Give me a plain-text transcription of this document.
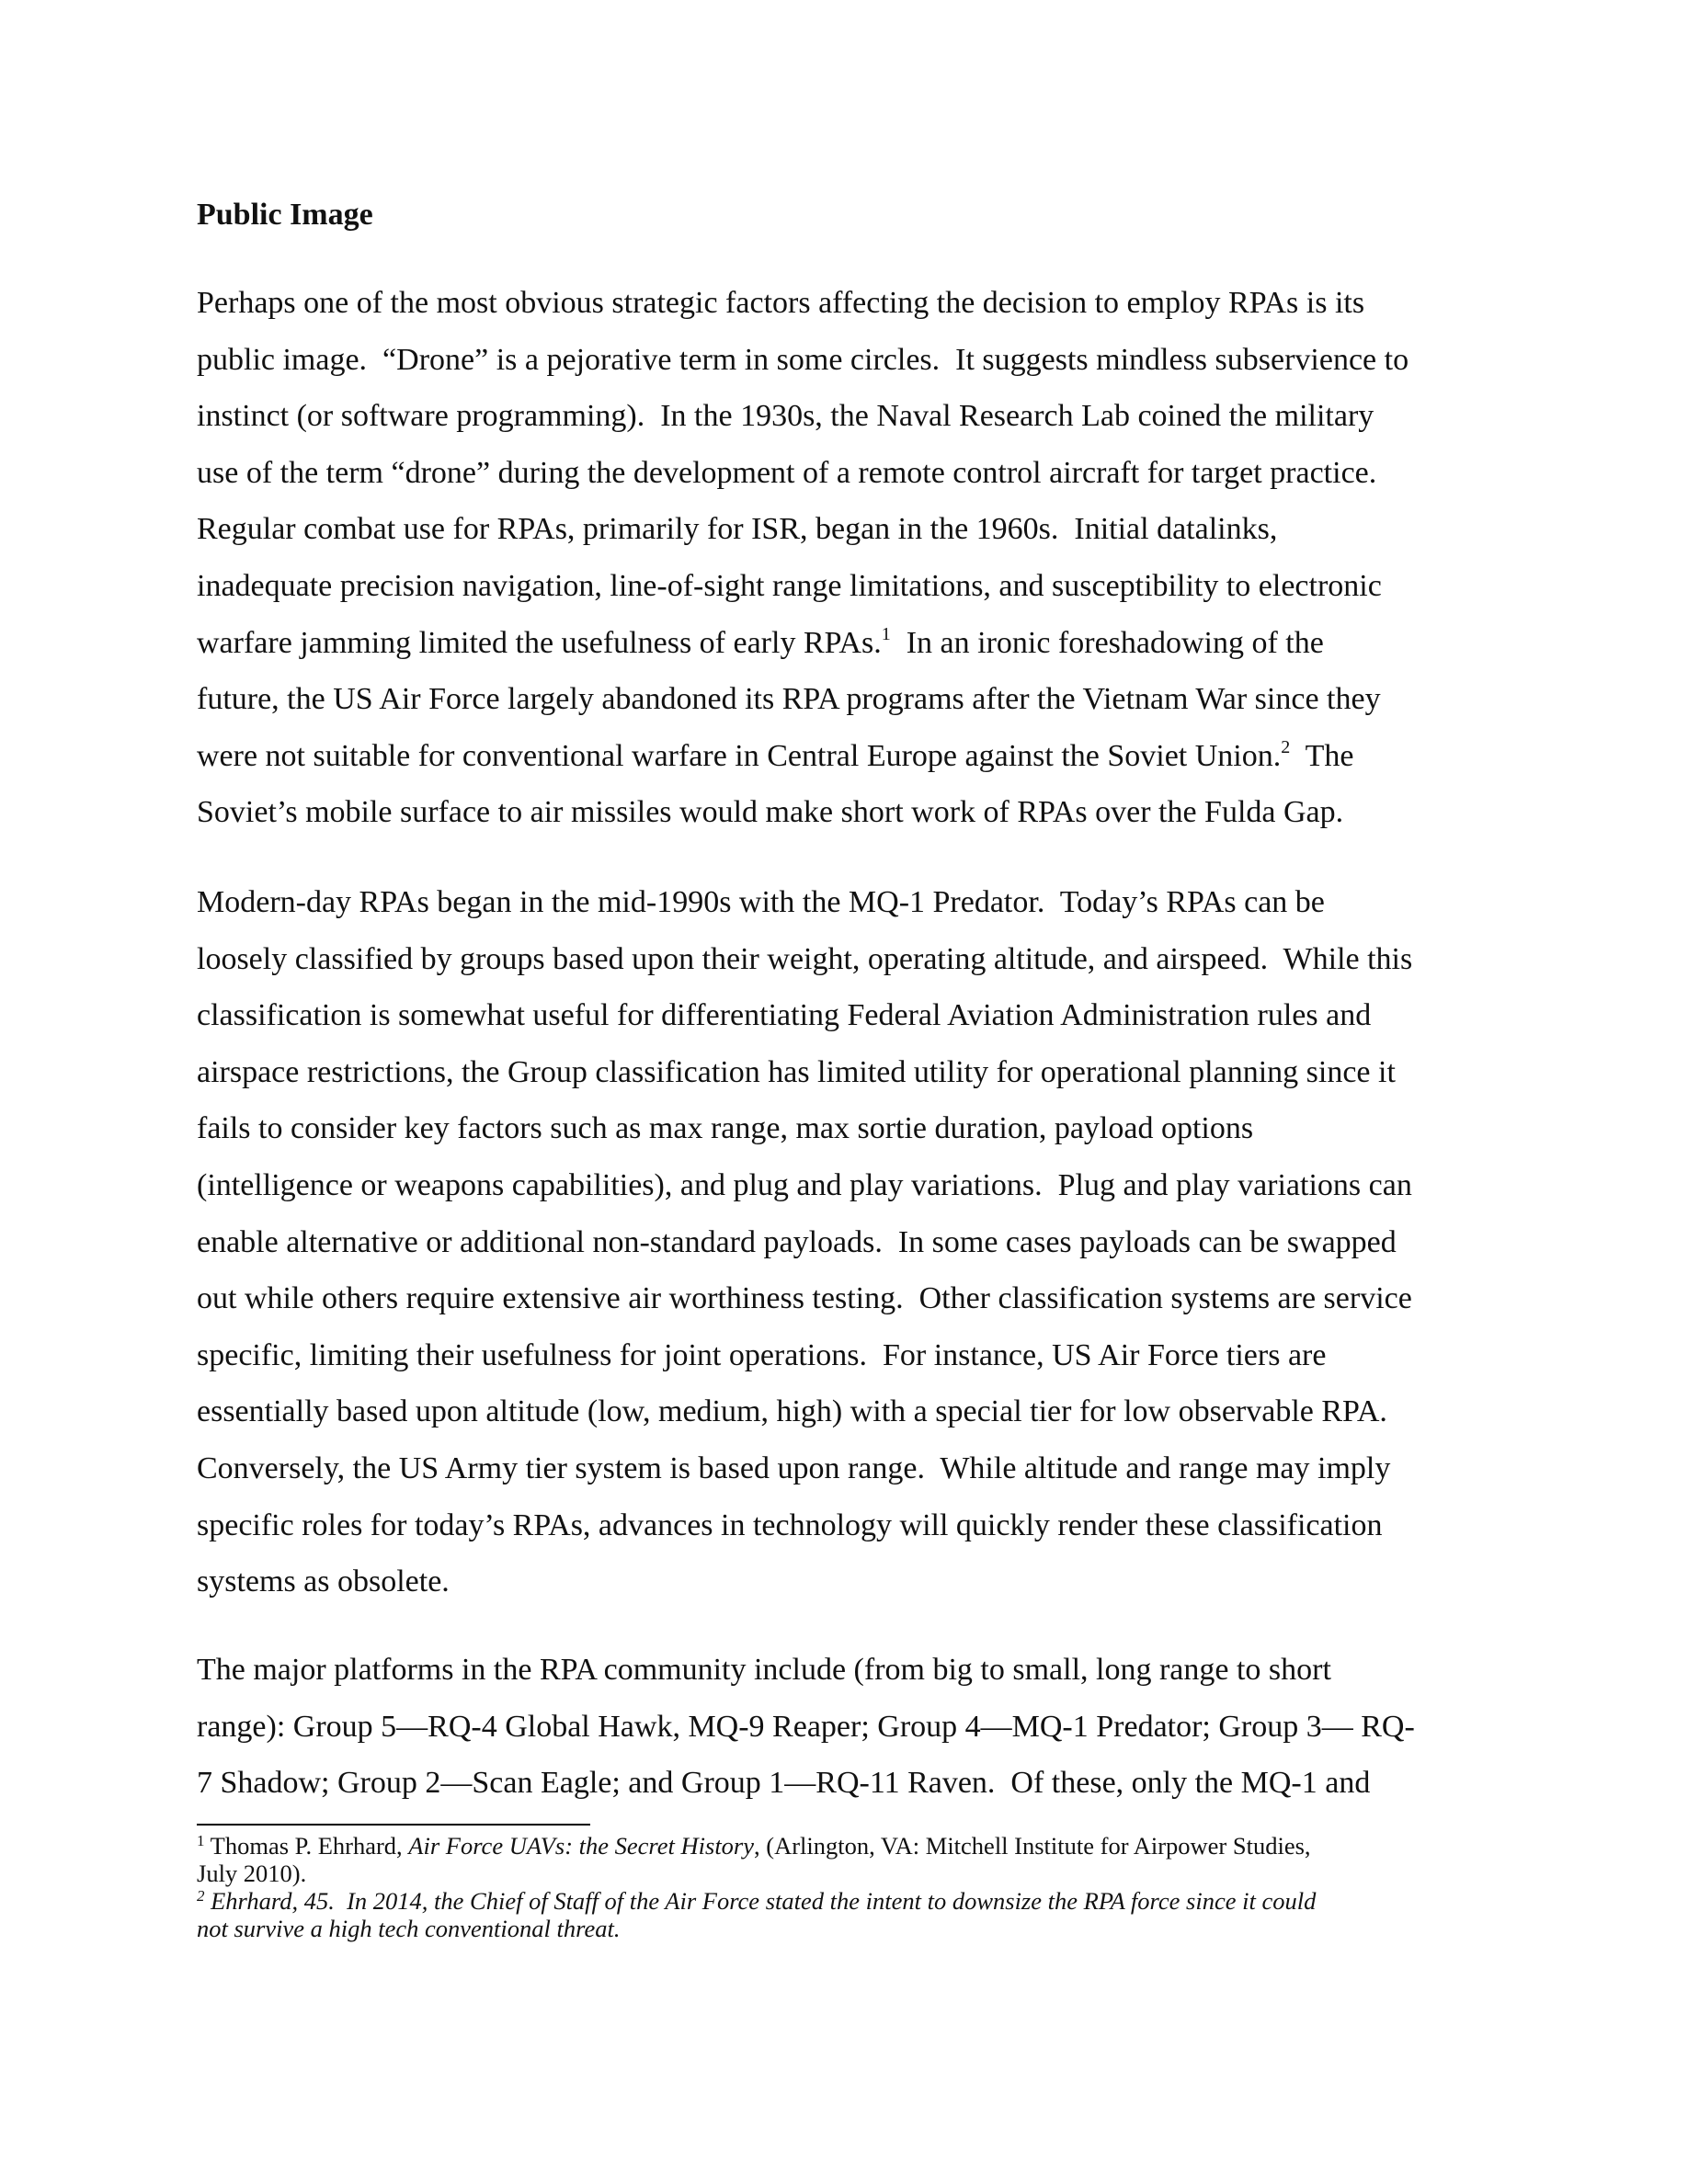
Public Image
Perhaps one of the most obvious strategic factors affecting the decision to employ RPAs is its
public image.  “Drone” is a pejorative term in some circles.  It suggests mindless subservience to
instinct (or software programming).  In the 1930s, the Naval Research Lab coined the military
use of the term “drone” during the development of a remote control aircraft for target practice.
Regular combat use for RPAs, primarily for ISR, began in the 1960s.  Initial datalinks,
inadequate precision navigation, line-of-sight range limitations, and susceptibility to electronic
warfare jamming limited the usefulness of early RPAs.$^1$  In an ironic foreshadowing of the
future, the US Air Force largely abandoned its RPA programs after the Vietnam War since they
were not suitable for conventional warfare in Central Europe against the Soviet Union.$^2$  The
Soviet’s mobile surface to air missiles would make short work of RPAs over the Fulda Gap.
Modern-day RPAs began in the mid-1990s with the MQ-1 Predator.  Today’s RPAs can be
loosely classified by groups based upon their weight, operating altitude, and airspeed.  While this
classification is somewhat useful for differentiating Federal Aviation Administration rules and
airspace restrictions, the Group classification has limited utility for operational planning since it
fails to consider key factors such as max range, max sortie duration, payload options
(intelligence or weapons capabilities), and plug and play variations.  Plug and play variations can
enable alternative or additional non-standard payloads.  In some cases payloads can be swapped
out while others require extensive air worthiness testing.  Other classification systems are service
specific, limiting their usefulness for joint operations.  For instance, US Air Force tiers are
essentially based upon altitude (low, medium, high) with a special tier for low observable RPA.
Conversely, the US Army tier system is based upon range.  While altitude and range may imply
specific roles for today’s RPAs, advances in technology will quickly render these classification
systems as obsolete.
The major platforms in the RPA community include (from big to small, long range to short
range): Group 5—RQ-4 Global Hawk, MQ-9 Reaper; Group 4—MQ-1 Predator; Group 3— RQ-
7 Shadow; Group 2—Scan Eagle; and Group 1—RQ-11 Raven.  Of these, only the MQ-1 and
$^1$ Thomas P. Ehrhard, Air Force UAVs: the Secret History, (Arlington, VA: Mitchell Institute for Airpower Studies,
July 2010).
$^2$ Ehrhard, 45.  In 2014, the Chief of Staff of the Air Force stated the intent to downsize the RPA force since it could
not survive a high tech conventional threat.
